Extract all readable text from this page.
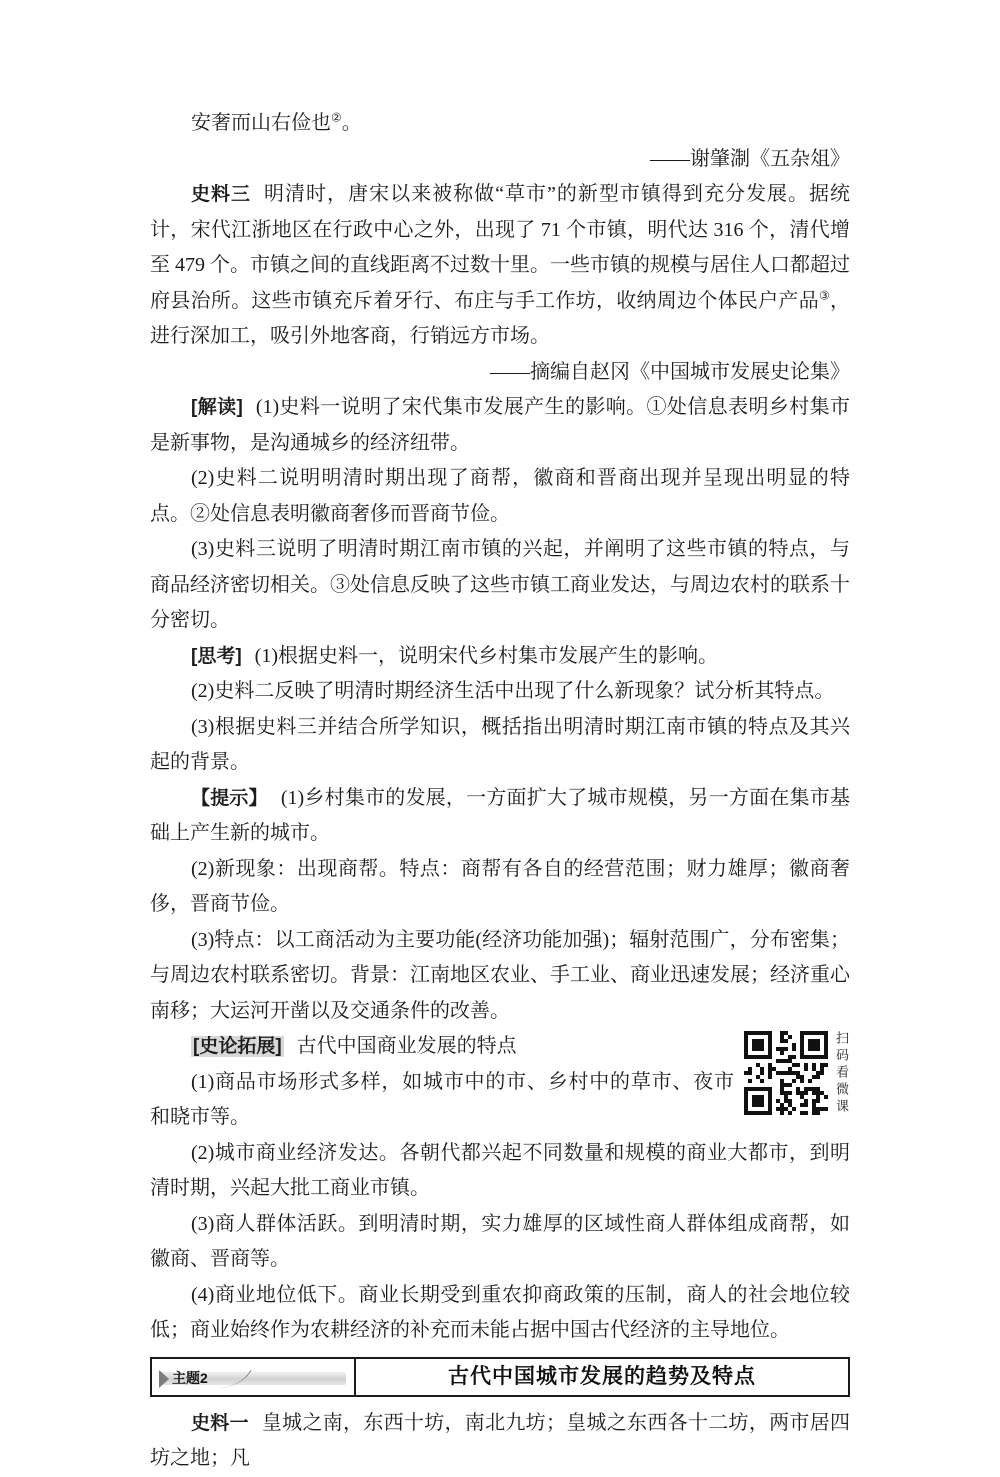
安奢而山右俭也②。

——谢肇淛《五杂俎》

史料三 明清时，唐宋以来被称做“草市”的新型市镇得到充分发展。据统计，宋代江浙地区在行政中心之外，出现了 71 个市镇，明代达 316 个，清代增至 479 个。市镇之间的直线距离不过数十里。一些市镇的规模与居住人口都超过府县治所。这些市镇充斥着牙行、布庄与手工作坊，收纳周边个体民户产品③，进行深加工，吸引外地客商，行销远方市场。

——摘编自赵冈《中国城市发展史论集》

[解读] (1)史料一说明了宋代集市发展产生的影响。①处信息表明乡村集市是新事物，是沟通城乡的经济纽带。

(2)史料二说明明清时期出现了商帮，徽商和晋商出现并呈现出明显的特点。②处信息表明徽商奢侈而晋商节俭。

(3)史料三说明了明清时期江南市镇的兴起，并阐明了这些市镇的特点，与商品经济密切相关。③处信息反映了这些市镇工商业发达，与周边农村的联系十分密切。

[思考] (1)根据史料一，说明宋代乡村集市发展产生的影响。

(2)史料二反映了明清时期经济生活中出现了什么新现象？试分析其特点。

(3)根据史料三并结合所学知识，概括指出明清时期江南市镇的特点及其兴起的背景。

【提示】 (1)乡村集市的发展，一方面扩大了城市规模，另一方面在集市基础上产生新的城市。

(2)新现象：出现商帮。特点：商帮有各自的经营范围；财力雄厚；徽商奢侈，晋商节俭。

(3)特点：以工商活动为主要功能(经济功能加强)；辐射范围广，分布密集；与周边农村联系密切。背景：江南地区农业、手工业、商业迅速发展；经济重心南移；大运河开凿以及交通条件的改善。

扫码看微课

[史论拓展] 古代中国商业发展的特点

(1)商品市场形式多样，如城市中的市、乡村中的草市、夜市和晓市等。

(2)城市商业经济发达。各朝代都兴起不同数量和规模的商业大都市，到明清时期，兴起大批工商业市镇。

(3)商人群体活跃。到明清时期，实力雄厚的区域性商人群体组成商帮，如徽商、晋商等。

(4)商业地位低下。商业长期受到重农抑商政策的压制，商人的社会地位较低；商业始终作为农耕经济的补充而未能占据中国古代经济的主导地位。

主题2	古代中国城市发展的趋势及特点

史料一 皇城之南，东西十坊，南北九坊；皇城之东西各十二坊，两市居四坊之地；凡
